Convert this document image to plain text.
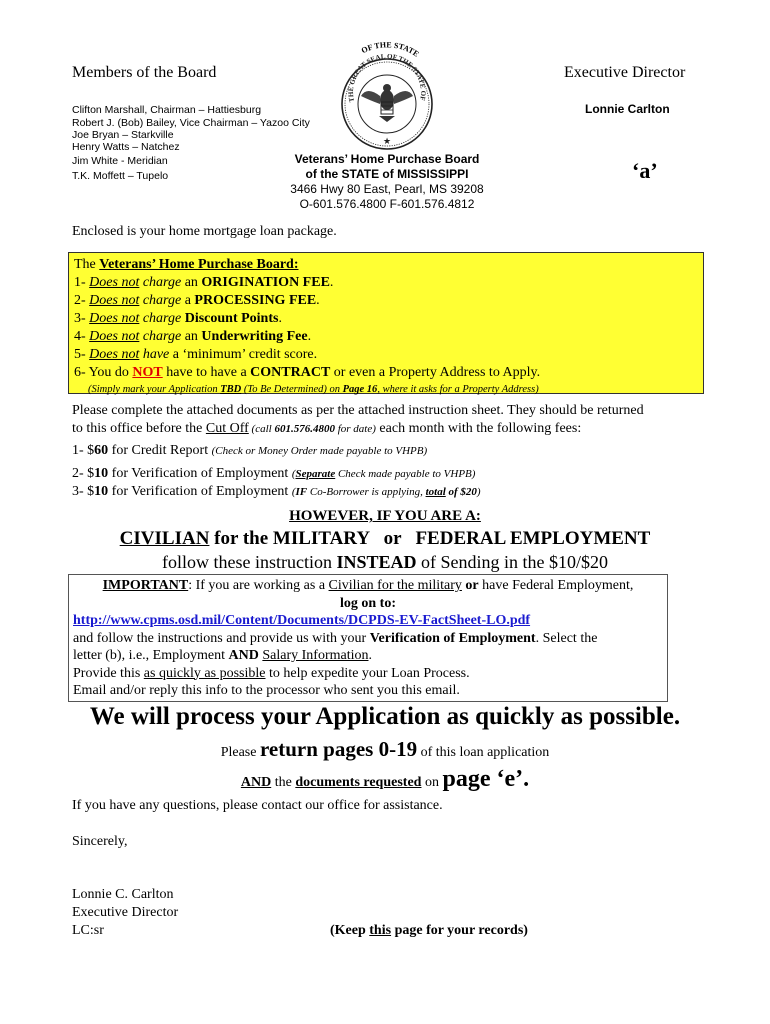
Members of the Board	Executive Director
Lonnie Carlton
Clifton Marshall, Chairman – Hattiesburg
Robert J. (Bob) Bailey, Vice Chairman – Yazoo City
Joe Bryan – Starkville
Henry Watts – Natchez
Jim White - Meridian
T.K. Moffett – Tupelo
OF THE STATE
THE GREAT SEAL OF THE STATE OF
★
Veterans’ Home Purchase Board
of the STATE of MISSISSIPPI
3466 Hwy 80 East, Pearl, MS 39208
O-601.576.4800 F-601.576.4812
‘a’
Enclosed is your home mortgage loan package.
The Veterans’ Home Purchase Board:
1- Does not charge an ORIGINATION FEE.
2- Does not charge a PROCESSING FEE.
3- Does not charge Discount Points.
4- Does not charge an Underwriting Fee.
5- Does not have a ‘minimum’ credit score.
6- You do NOT have to have a CONTRACT or even a Property Address to Apply.
(Simply mark your Application TBD (To Be Determined) on Page 16, where it asks for a Property Address)
Please complete the attached documents as per the attached instruction sheet. They should be returned
to this office before the Cut Off (call 601.576.4800 for date) each month with the following fees:
1- $60 for Credit Report (Check or Money Order made payable to VHPB)
2- $10 for Verification of Employment (Separate Check made payable to VHPB)
3- $10 for Verification of Employment (IF Co-Borrower is applying, total of $20)
HOWEVER, IF YOU ARE A:
CIVILIAN for the MILITARY   or   FEDERAL EMPLOYMENT
follow these instruction INSTEAD of Sending in the $10/$20
IMPORTANT: If you are working as a Civilian for the military or have Federal Employment,
log on to:
http://www.cpms.osd.mil/Content/Documents/DCPDS-EV-FactSheet-LO.pdf
and follow the instructions and provide us with your Verification of Employment. Select the
letter (b), i.e., Employment AND Salary Information.
Provide this as quickly as possible to help expedite your Loan Process.
Email and/or reply this info to the processor who sent you this email.
We will process your Application as quickly as possible.
Please return pages 0-19 of this loan application
AND the documents requested on page ‘e’.
If you have any questions, please contact our office for assistance.
Sincerely,
Lonnie C. Carlton
Executive Director
LC:sr	(Keep this page for your records)
